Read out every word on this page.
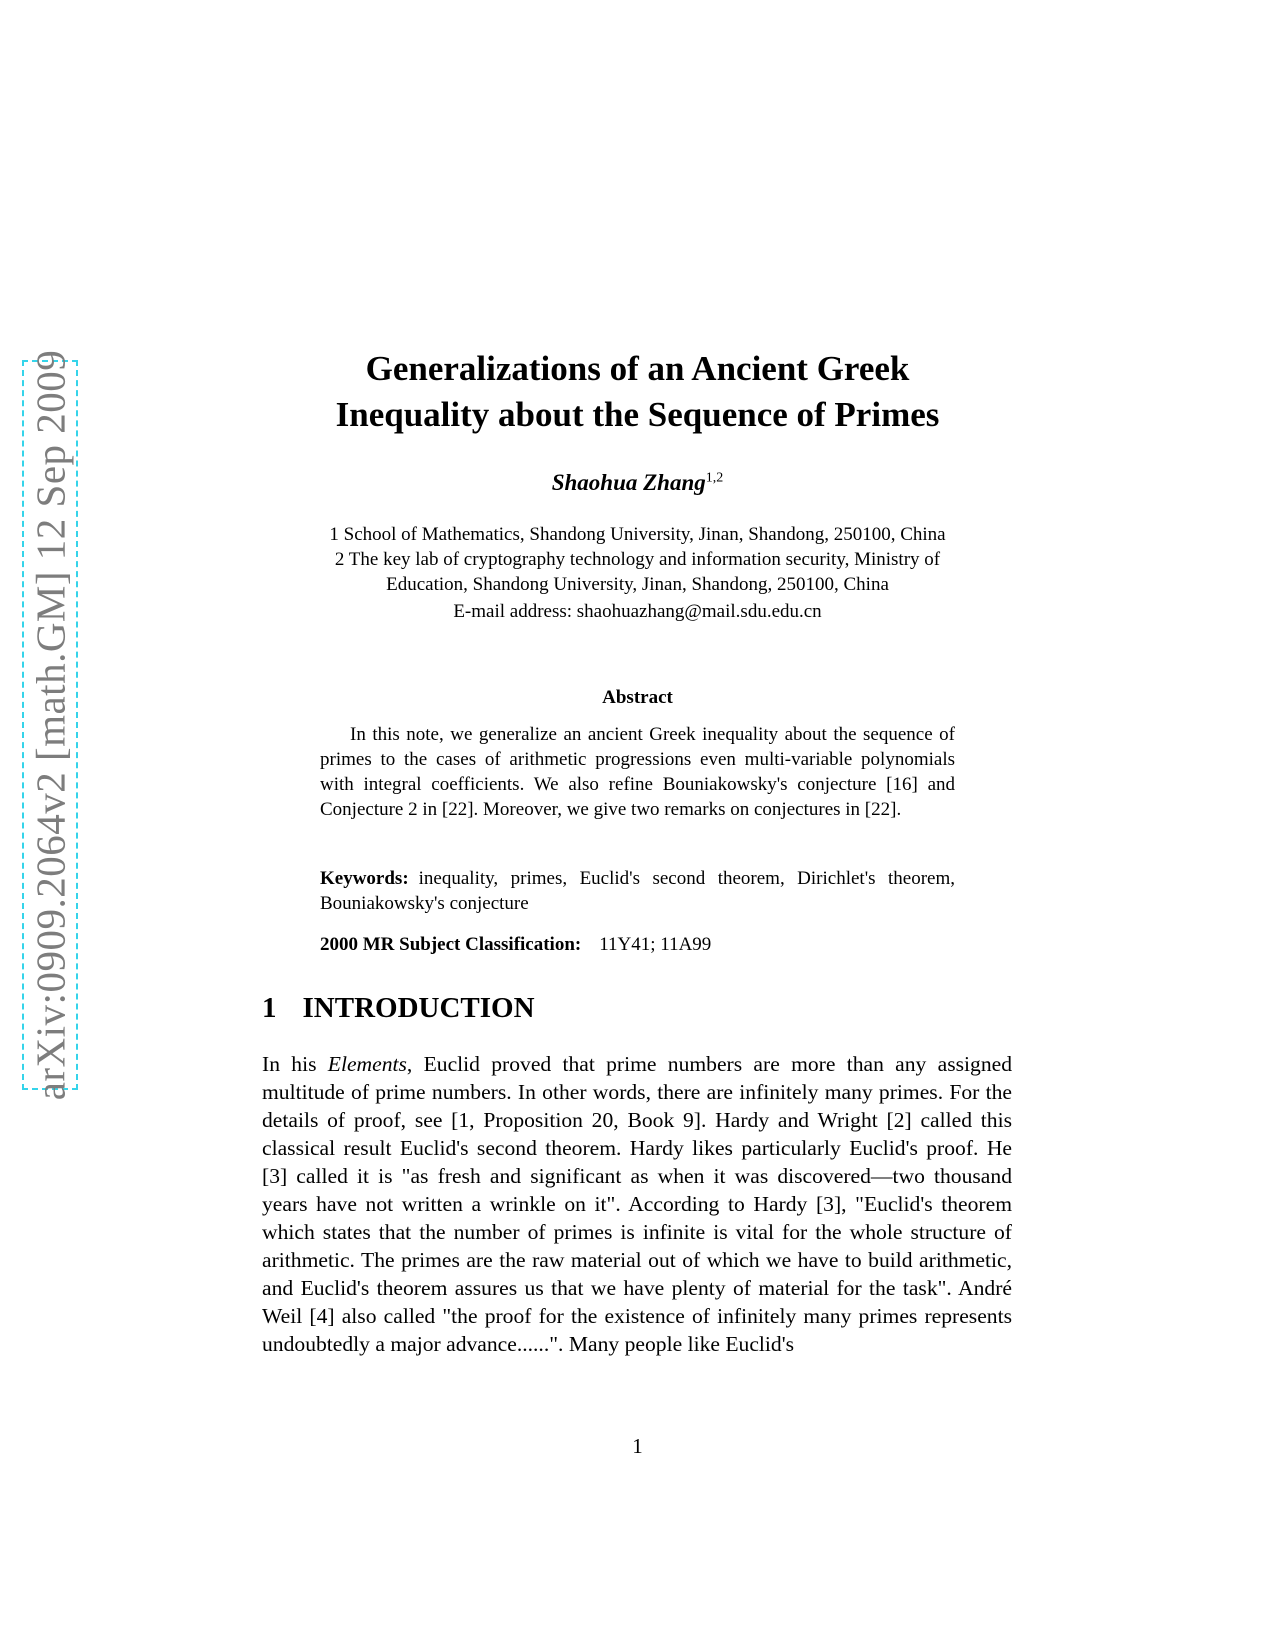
arXiv:0909.2064v2 [math.GM] 12 Sep 2009	Generalizations of an Ancient Greek
Inequality about the Sequence of Primes
Shaohua Zhang$^{1,2}$
1 School of Mathematics, Shandong University, Jinan, Shandong, 250100, China
2 The key lab of cryptography technology and information security, Ministry of
Education, Shandong University, Jinan, Shandong, 250100, China
E-mail address: shaohuazhang@mail.sdu.edu.cn
Abstract
In this note, we generalize an ancient Greek inequality about the sequence of primes to the cases of arithmetic progressions even multi-variable polynomials with integral coefficients. We also refine Bouniakowsky's conjecture [16] and Conjecture 2 in [22]. Moreover, we give two remarks on conjectures in [22].
Keywords: inequality, primes, Euclid's second theorem, Dirichlet's theorem, Bouniakowsky's conjecture
2000 MR Subject Classification: 11Y41; 11A99
1 INTRODUCTION
In his Elements, Euclid proved that prime numbers are more than any assigned multitude of prime numbers. In other words, there are infinitely many primes. For the details of proof, see [1, Proposition 20, Book 9]. Hardy and Wright [2] called this classical result Euclid's second theorem. Hardy likes particularly Euclid's proof. He [3] called it is "as fresh and significant as when it was discovered—two thousand years have not written a wrinkle on it". According to Hardy [3], "Euclid's theorem which states that the number of primes is infinite is vital for the whole structure of arithmetic. The primes are the raw material out of which we have to build arithmetic, and Euclid's theorem assures us that we have plenty of material for the task". André Weil [4] also called "the proof for the existence of infinitely many primes represents undoubtedly a major advance......". Many people like Euclid's
1
